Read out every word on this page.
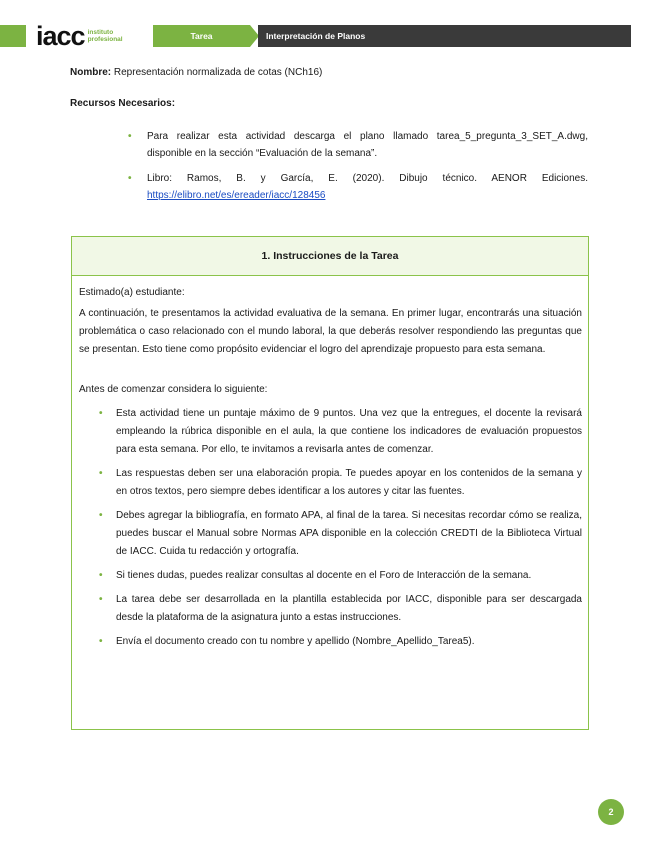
iacc instituto
profesional	Tarea	Interpretación de Planos
Nombre: Representación normalizada de cotas (NCh16)
Recursos Necesarios:
• Para realizar esta actividad descarga el plano llamado tarea_5_pregunta_3_SET_A.dwg, disponible en la sección “Evaluación de la semana”.
• Libro: Ramos, B. y García, E. (2020). Dibujo técnico. AENOR Ediciones. https://elibro.net/es/ereader/iacc/128456
1. Instrucciones de la Tarea

Estimado(a) estudiante:

A continuación, te presentamos la actividad evaluativa de la semana. En primer lugar, encontrarás una situación problemática o caso relacionado con el mundo laboral, la que deberás resolver respondiendo las preguntas que se presentan. Esto tiene como propósito evidenciar el logro del aprendizaje propuesto para esta semana.

Antes de comenzar considera lo siguiente:

• Esta actividad tiene un puntaje máximo de 9 puntos. Una vez que la entregues, el docente la revisará empleando la rúbrica disponible en el aula, la que contiene los indicadores de evaluación propuestos para esta semana. Por ello, te invitamos a revisarla antes de comenzar.
• Las respuestas deben ser una elaboración propia. Te puedes apoyar en los contenidos de la semana y en otros textos, pero siempre debes identificar a los autores y citar las fuentes.
• Debes agregar la bibliografía, en formato APA, al final de la tarea. Si necesitas recordar cómo se realiza, puedes buscar el Manual sobre Normas APA disponible en la colección CREDTI de la Biblioteca Virtual de IACC. Cuida tu redacción y ortografía.
• Si tienes dudas, puedes realizar consultas al docente en el Foro de Interacción de la semana.
• La tarea debe ser desarrollada en la plantilla establecida por IACC, disponible para ser descargada desde la plataforma de la asignatura junto a estas instrucciones.
• Envía el documento creado con tu nombre y apellido (Nombre_Apellido_Tarea5).
2
